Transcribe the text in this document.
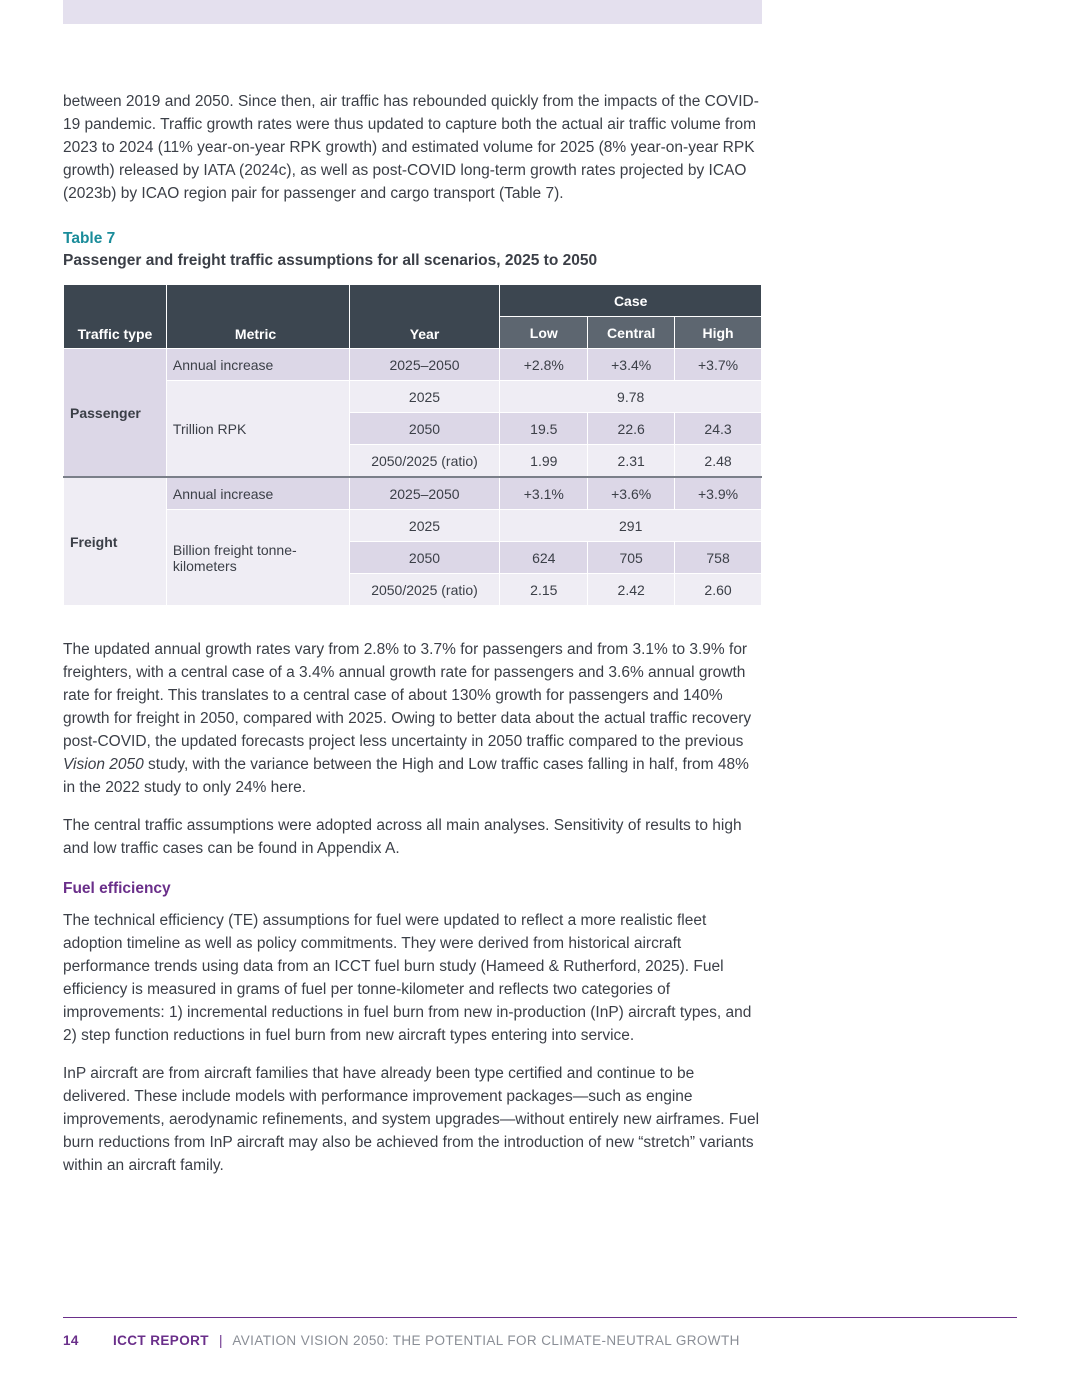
between 2019 and 2050. Since then, air traffic has rebounded quickly from the impacts of the COVID-19 pandemic. Traffic growth rates were thus updated to capture both the actual air traffic volume from 2023 to 2024 (11% year-on-year RPK growth) and estimated volume for 2025 (8% year-on-year RPK growth) released by IATA (2024c), as well as post-COVID long-term growth rates projected by ICAO (2023b) by ICAO region pair for passenger and cargo transport (Table 7).

Table 7
Passenger and freight traffic assumptions for all scenarios, 2025 to 2050
Traffic type	Metric	Year	Case		
			Low	Central	High
Passenger	Annual increase	2025–2050	+2.8%	+3.4%	+3.7%
	Trillion RPK	2025	9.78		
		2050	19.5	22.6	24.3
		2050/2025 (ratio)	1.99	2.31	2.48
Freight	Annual increase	2025–2050	+3.1%	+3.6%	+3.9%
	Billion freight tonne-kilometers	2025	291		
		2050	624	705	758
		2050/2025 (ratio)	2.15	2.42	2.60

The updated annual growth rates vary from 2.8% to 3.7% for passengers and from 3.1% to 3.9% for freighters, with a central case of a 3.4% annual growth rate for passengers and 3.6% annual growth rate for freight. This translates to a central case of about 130% growth for passengers and 140% growth for freight in 2050, compared with 2025. Owing to better data about the actual traffic recovery post-COVID, the updated forecasts project less uncertainty in 2050 traffic compared to the previous Vision 2050 study, with the variance between the High and Low traffic cases falling in half, from 48% in the 2022 study to only 24% here.

The central traffic assumptions were adopted across all main analyses. Sensitivity of results to high and low traffic cases can be found in Appendix A.

Fuel efficiency

The technical efficiency (TE) assumptions for fuel were updated to reflect a more realistic fleet adoption timeline as well as policy commitments. They were derived from historical aircraft performance trends using data from an ICCT fuel burn study (Hameed & Rutherford, 2025). Fuel efficiency is measured in grams of fuel per tonne-kilometer and reflects two categories of improvements: 1) incremental reductions in fuel burn from new in-production (InP) aircraft types, and 2) step function reductions in fuel burn from new aircraft types entering into service.

InP aircraft are from aircraft families that have already been type certified and continue to be delivered. These include models with performance improvement packages—such as engine improvements, aerodynamic refinements, and system upgrades—without entirely new airframes. Fuel burn reductions from InP aircraft may also be achieved from the introduction of new “stretch” variants within an aircraft family.

14	ICCT REPORT | AVIATION VISION 2050: THE POTENTIAL FOR CLIMATE-NEUTRAL GROWTH
